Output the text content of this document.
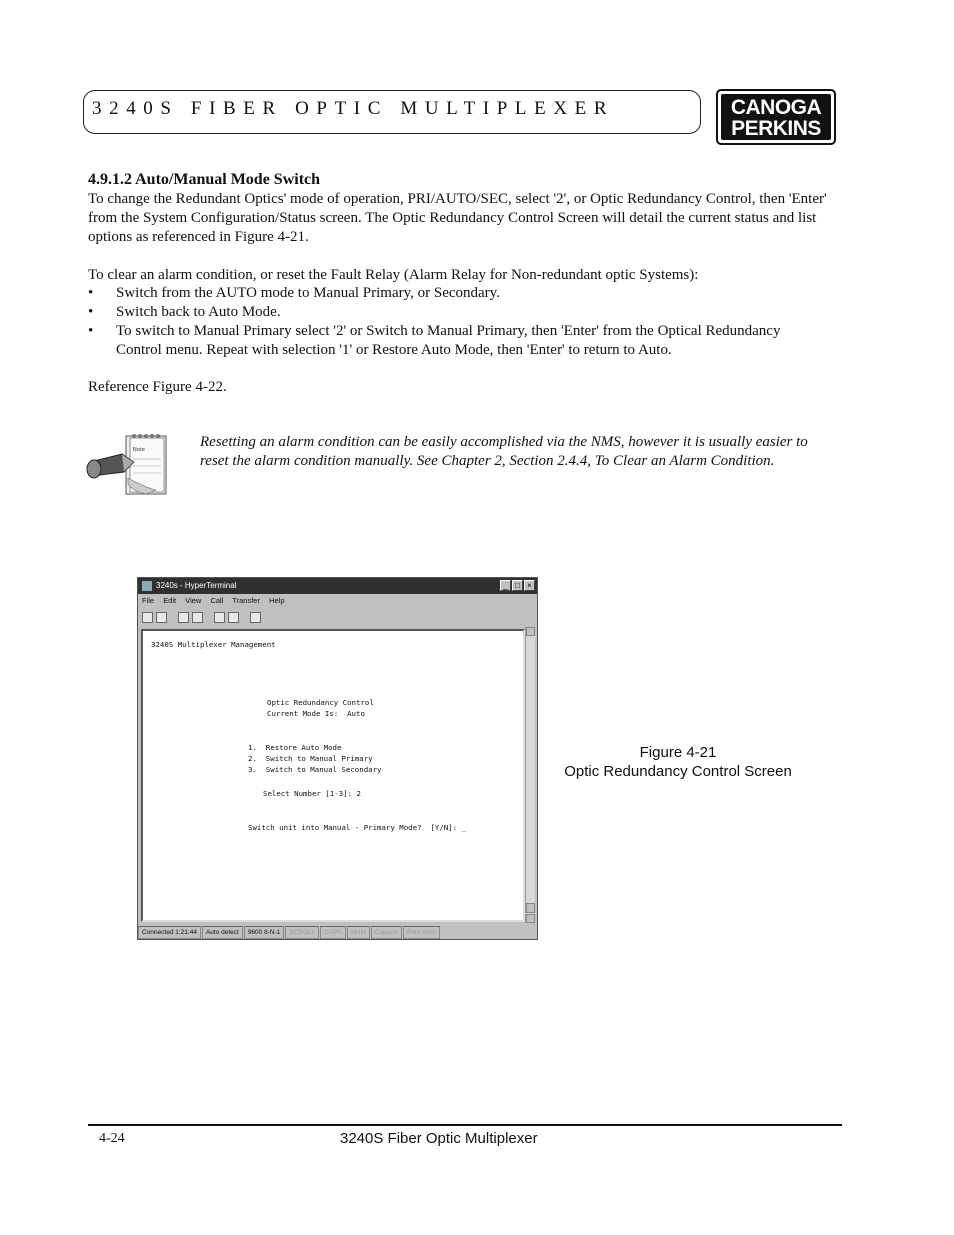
3240S FIBER OPTIC MULTIPLEXER	CANOGA
PERKINS
4.9.1.2 Auto/Manual Mode Switch
To change the Redundant Optics' mode of operation, PRI/AUTO/SEC, select '2', or Optic Redundancy Control, then 'Enter'
from the System Configuration/Status screen. The Optic Redundancy Control Screen will detail the current status and list
options as referenced in Figure 4-21.
To clear an alarm condition, or reset the Fault Relay (Alarm Relay for Non-redundant optic Systems):
• Switch from the AUTO mode to Manual Primary, or Secondary.
• Switch back to Auto Mode.
• To switch to Manual Primary select '2' or Switch to Manual Primary, then 'Enter' from the Optical Redundancy
Control menu. Repeat with selection '1' or Restore Auto Mode, then 'Enter' to return to Auto.
Reference Figure 4-22.
Note	Resetting an alarm condition can be easily accomplished via the NMS, however it is usually easier to
reset the alarm condition manually. See Chapter 2, Section 2.4.4, To Clear an Alarm Condition.
3240s - HyperTerminal	_ □ ×
File Edit View Call Transfer Help
3240S Multiplexer Management
Optic Redundancy Control
Current Mode Is:  Auto
1.  Restore Auto Mode
2.  Switch to Manual Primary
3.  Switch to Manual Secondary
Select Number [1-3]: 2
Switch unit into Manual - Primary Mode?  [Y/N]: _
Connected 1:21:44	Auto detect	9600 8-N-1	SCROLL	CAPS	NUM	Capture	Print echo
Figure 4-21
Optic Redundancy Control Screen
4-24	3240S Fiber Optic Multiplexer
